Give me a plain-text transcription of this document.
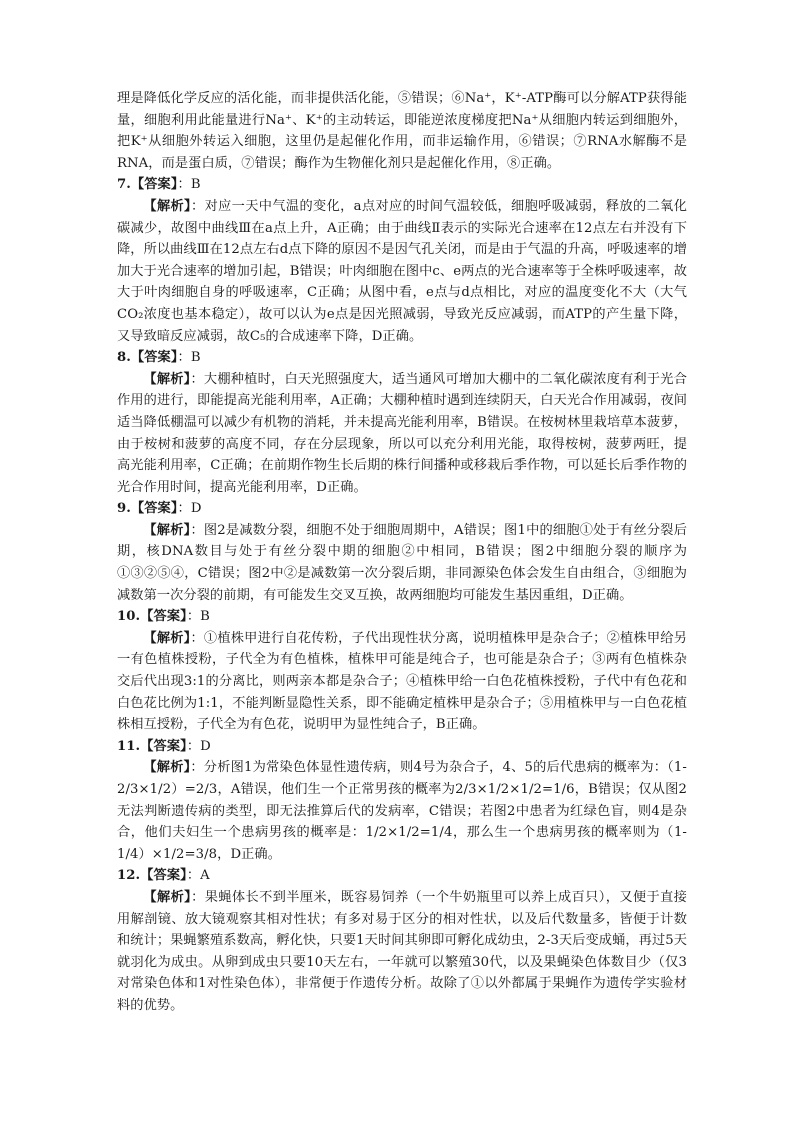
理是降低化学反应的活化能，而非提供活化能，⑤错误；⑥Na⁺，K⁺-ATP酶可以分解ATP获得能量，细胞利用此能量进行Na⁺、K⁺的主动转运，即能逆浓度梯度把Na⁺从细胞内转运到细胞外，把K⁺从细胞外转运入细胞，这里仍是起催化作用，而非运输作用，⑥错误；⑦RNA水解酶不是RNA，而是蛋白质，⑦错误；酶作为生物催化剂只是起催化作用，⑧正确。

7.【答案】：B

【解析】：对应一天中气温的变化，a点对应的时间气温较低，细胞呼吸减弱，释放的二氧化碳减少，故图中曲线Ⅲ在a点上升，A正确；由于曲线Ⅱ表示的实际光合速率在12点左右并没有下降，所以曲线Ⅲ在12点左右d点下降的原因不是因气孔关闭，而是由于气温的升高，呼吸速率的增加大于光合速率的增加引起，B错误；叶肉细胞在图中c、e两点的光合速率等于全株呼吸速率，故大于叶肉细胞自身的呼吸速率，C正确；从图中看，e点与d点相比，对应的温度变化不大（大气CO₂浓度也基本稳定），故可以认为e点是因光照减弱，导致光反应减弱，而ATP的产生量下降，又导致暗反应减弱，故C₅的合成速率下降，D正确。

8.【答案】：B

【解析】：大棚种植时，白天光照强度大，适当通风可增加大棚中的二氧化碳浓度有利于光合作用的进行，即能提高光能利用率，A正确；大棚种植时遇到连续阴天，白天光合作用减弱，夜间适当降低棚温可以减少有机物的消耗，并未提高光能利用率，B错误。在桉树林里栽培草本菠萝，由于桉树和菠萝的高度不同，存在分层现象，所以可以充分利用光能，取得桉树，菠萝两旺，提高光能利用率，C正确；在前期作物生长后期的株行间播种或移栽后季作物，可以延长后季作物的光合作用时间，提高光能利用率，D正确。

9.【答案】：D

【解析】：图2是减数分裂，细胞不处于细胞周期中，A错误；图1中的细胞①处于有丝分裂后期，核DNA数目与处于有丝分裂中期的细胞②中相同，B错误；图2中细胞分裂的顺序为①③②⑤④，C错误；图2中②是减数第一次分裂后期，非同源染色体会发生自由组合，③细胞为减数第一次分裂的前期，有可能发生交叉互换，故两细胞均可能发生基因重组，D正确。

10.【答案】：B

【解析】：①植株甲进行自花传粉，子代出现性状分离，说明植株甲是杂合子；②植株甲给另一有色植株授粉，子代全为有色植株，植株甲可能是纯合子，也可能是杂合子；③两有色植株杂交后代出现3:1的分离比，则两亲本都是杂合子；④植株甲给一白色花植株授粉，子代中有色花和白色花比例为1:1，不能判断显隐性关系，即不能确定植株甲是杂合子；⑤用植株甲与一白色花植株相互授粉，子代全为有色花，说明甲为显性纯合子，B正确。

11.【答案】：D

【解析】：分析图1为常染色体显性遗传病，则4号为杂合子，4、5的后代患病的概率为：（1-2/3×1/2）=2/3，A错误，他们生一个正常男孩的概率为2/3×1/2×1/2=1/6，B错误；仅从图2无法判断遗传病的类型，即无法推算后代的发病率，C错误；若图2中患者为红绿色盲，则4是杂合，他们夫妇生一个患病男孩的概率是：1/2×1/2=1/4，那么生一个患病男孩的概率则为（1-1/4）×1/2=3/8，D正确。

12.【答案】：A

【解析】：果蝇体长不到半厘米，既容易饲养（一个牛奶瓶里可以养上成百只），又便于直接用解剖镜、放大镜观察其相对性状；有多对易于区分的相对性状，以及后代数量多，皆便于计数和统计；果蝇繁殖系数高，孵化快，只要1天时间其卵即可孵化成幼虫，2-3天后变成蛹，再过5天就羽化为成虫。从卵到成虫只要10天左右，一年就可以繁殖30代，以及果蝇染色体数目少（仅3对常染色体和1对性染色体），非常便于作遗传分析。故除了①以外都属于果蝇作为遗传学实验材料的优势。
